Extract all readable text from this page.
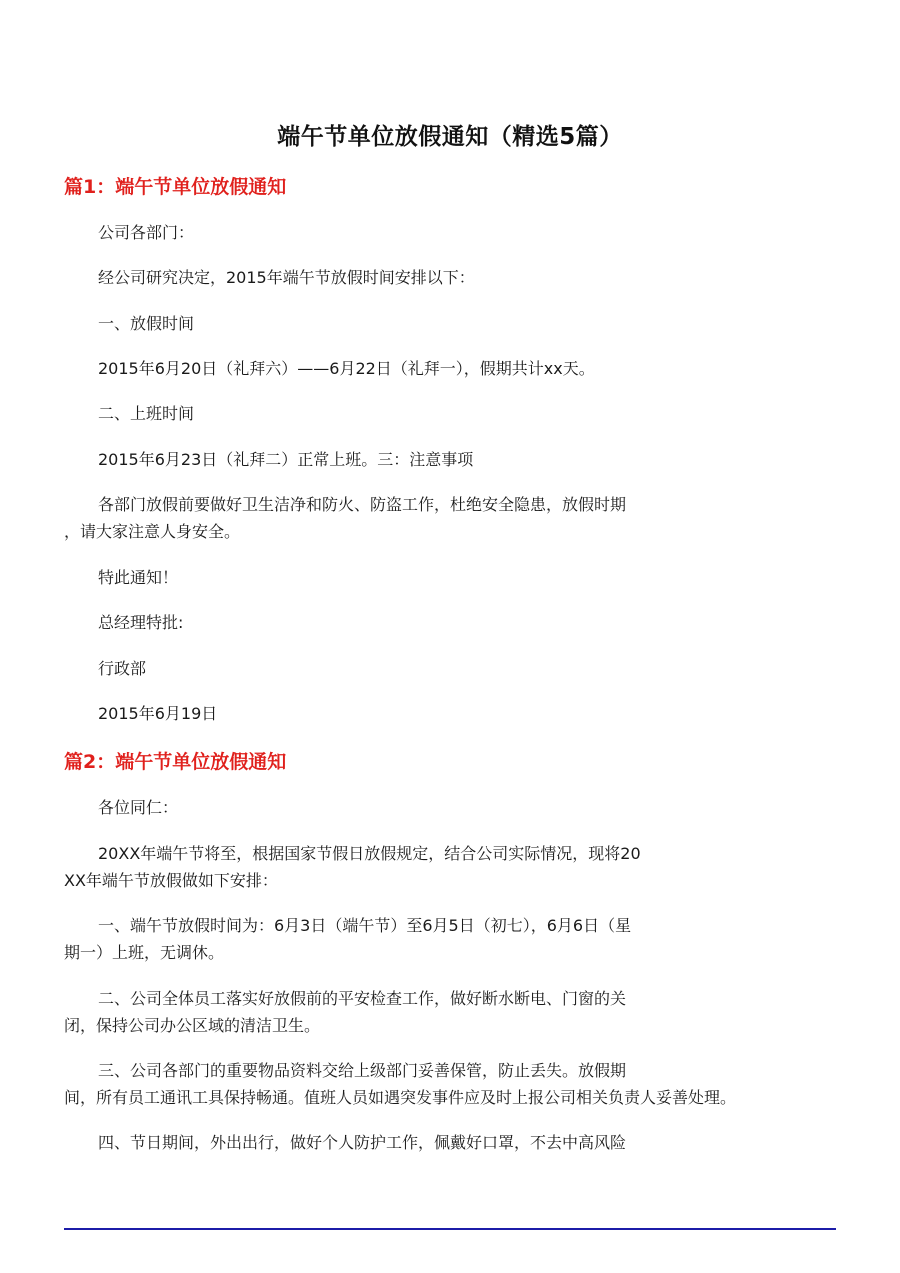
端午节单位放假通知（精选5篇）
篇1：端午节单位放假通知

公司各部门：

经公司研究决定，2015年端午节放假时间安排以下：

一、放假时间

2015年6月20日（礼拜六）——6月22日（礼拜一），假期共计xx天。

二、上班时间

2015年6月23日（礼拜二）正常上班。三：注意事项

各部门放假前要做好卫生洁净和防火、防盗工作，杜绝安全隐患，放假时期
，请大家注意人身安全。

特此通知！

总经理特批:

行政部

2015年6月19日

篇2：端午节单位放假通知

各位同仁：

20XX年端午节将至，根据国家节假日放假规定，结合公司实际情况，现将20
XX年端午节放假做如下安排：

一、端午节放假时间为：6月3日（端午节）至6月5日（初七），6月6日（星
期一）上班，无调休。

二、公司全体员工落实好放假前的平安检查工作，做好断水断电、门窗的关
闭，保持公司办公区域的清洁卫生。

三、公司各部门的重要物品资料交给上级部门妥善保管，防止丢失。放假期
间，所有员工通讯工具保持畅通。值班人员如遇突发事件应及时上报公司相关负责人妥善处理。

四、节日期间，外出出行，做好个人防护工作，佩戴好口罩，不去中高风险
